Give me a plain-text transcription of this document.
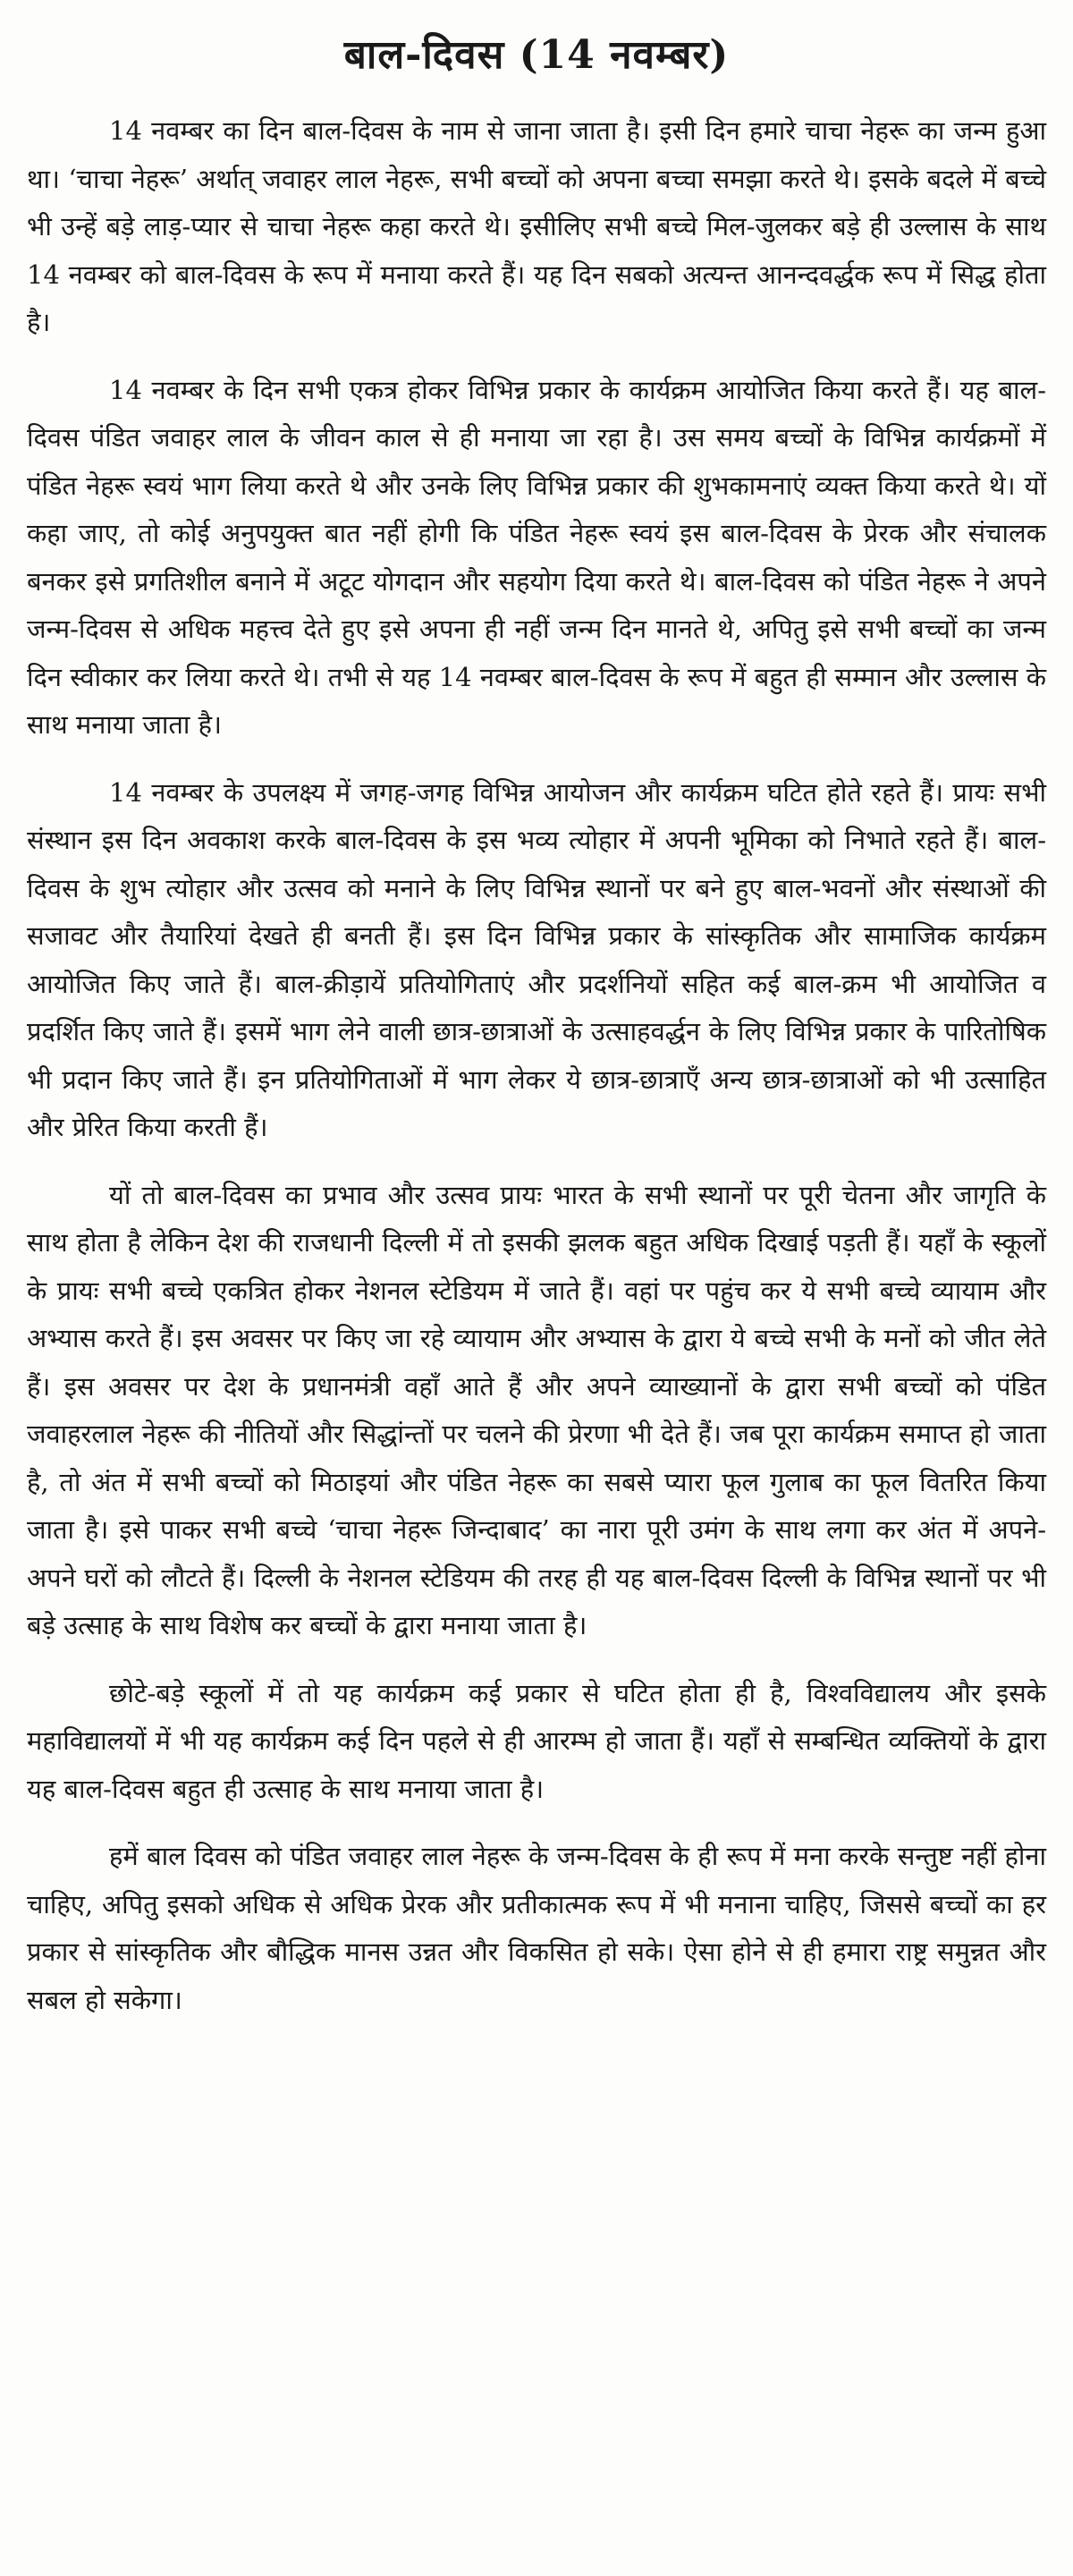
बाल-दिवस (14 नवम्बर)

14 नवम्बर का दिन बाल-दिवस के नाम से जाना जाता है। इसी दिन हमारे चाचा नेहरू का जन्म हुआ था। ‘चाचा नेहरू’ अर्थात् जवाहर लाल नेहरू, सभी बच्चों को अपना बच्चा समझा करते थे। इसके बदले में बच्चे भी उन्हें बड़े लाड़-प्यार से चाचा नेहरू कहा करते थे। इसीलिए सभी बच्चे मिल-जुलकर बड़े ही उल्लास के साथ 14 नवम्बर को बाल-दिवस के रूप में मनाया करते हैं। यह दिन सबको अत्यन्त आनन्दवर्द्धक रूप में सिद्ध होता है।

14 नवम्बर के दिन सभी एकत्र होकर विभिन्न प्रकार के कार्यक्रम आयोजित किया करते हैं। यह बाल-दिवस पंडित जवाहर लाल के जीवन काल से ही मनाया जा रहा है। उस समय बच्चों के विभिन्न कार्यक्रमों में पंडित नेहरू स्वयं भाग लिया करते थे और उनके लिए विभिन्न प्रकार की शुभकामनाएं व्यक्त किया करते थे। यों कहा जाए, तो कोई अनुपयुक्त बात नहीं होगी कि पंडित नेहरू स्वयं इस बाल-दिवस के प्रेरक और संचालक बनकर इसे प्रगतिशील बनाने में अटूट योगदान और सहयोग दिया करते थे। बाल-दिवस को पंडित नेहरू ने अपने जन्म-दिवस से अधिक महत्त्व देते हुए इसे अपना ही नहीं जन्म दिन मानते थे, अपितु इसे सभी बच्चों का जन्म दिन स्वीकार कर लिया करते थे। तभी से यह 14 नवम्बर बाल-दिवस के रूप में बहुत ही सम्मान और उल्लास के साथ मनाया जाता है।

14 नवम्बर के उपलक्ष्य में जगह-जगह विभिन्न आयोजन और कार्यक्रम घटित होते रहते हैं। प्रायः सभी संस्थान इस दिन अवकाश करके बाल-दिवस के इस भव्य त्योहार में अपनी भूमिका को निभाते रहते हैं। बाल-दिवस के शुभ त्योहार और उत्सव को मनाने के लिए विभिन्न स्थानों पर बने हुए बाल-भवनों और संस्थाओं की सजावट और तैयारियां देखते ही बनती हैं। इस दिन विभिन्न प्रकार के सांस्कृतिक और सामाजिक कार्यक्रम आयोजित किए जाते हैं। बाल-क्रीड़ायें प्रतियोगिताएं और प्रदर्शनियों सहित कई बाल-क्रम भी आयोजित व प्रदर्शित किए जाते हैं। इसमें भाग लेने वाली छात्र-छात्राओं के उत्साहवर्द्धन के लिए विभिन्न प्रकार के पारितोषिक भी प्रदान किए जाते हैं। इन प्रतियोगिताओं में भाग लेकर ये छात्र-छात्राएँ अन्य छात्र-छात्राओं को भी उत्साहित और प्रेरित किया करती हैं।

यों तो बाल-दिवस का प्रभाव और उत्सव प्रायः भारत के सभी स्थानों पर पूरी चेतना और जागृति के साथ होता है लेकिन देश की राजधानी दिल्ली में तो इसकी झलक बहुत अधिक दिखाई पड़ती हैं। यहाँ के स्कूलों के प्रायः सभी बच्चे एकत्रित होकर नेशनल स्टेडियम में जाते हैं। वहां पर पहुंच कर ये सभी बच्चे व्यायाम और अभ्यास करते हैं। इस अवसर पर किए जा रहे व्यायाम और अभ्यास के द्वारा ये बच्चे सभी के मनों को जीत लेते हैं। इस अवसर पर देश के प्रधानमंत्री वहाँ आते हैं और अपने व्याख्यानों के द्वारा सभी बच्चों को पंडित जवाहरलाल नेहरू की नीतियों और सिद्धांन्तों पर चलने की प्रेरणा भी देते हैं। जब पूरा कार्यक्रम समाप्त हो जाता है, तो अंत में सभी बच्चों को मिठाइयां और पंडित नेहरू का सबसे प्यारा फूल गुलाब का फूल वितरित किया जाता है। इसे पाकर सभी बच्चे ‘चाचा नेहरू जिन्दाबाद’ का नारा पूरी उमंग के साथ लगा कर अंत में अपने-अपने घरों को लौटते हैं। दिल्ली के नेशनल स्टेडियम की तरह ही यह बाल-दिवस दिल्ली के विभिन्न स्थानों पर भी बड़े उत्साह के साथ विशेष कर बच्चों के द्वारा मनाया जाता है।

छोटे-बड़े स्कूलों में तो यह कार्यक्रम कई प्रकार से घटित होता ही है, विश्वविद्यालय और इसके महाविद्यालयों में भी यह कार्यक्रम कई दिन पहले से ही आरम्भ हो जाता हैं। यहाँ से सम्बन्धित व्यक्तियों के द्वारा यह बाल-दिवस बहुत ही उत्साह के साथ मनाया जाता है।

हमें बाल दिवस को पंडित जवाहर लाल नेहरू के जन्म-दिवस के ही रूप में मना करके सन्तुष्ट नहीं होना चाहिए, अपितु इसको अधिक से अधिक प्रेरक और प्रतीकात्मक रूप में भी मनाना चाहिए, जिससे बच्चों का हर प्रकार से सांस्कृतिक और बौद्धिक मानस उन्नत और विकसित हो सके। ऐसा होने से ही हमारा राष्ट्र समुन्नत और सबल हो सकेगा।
